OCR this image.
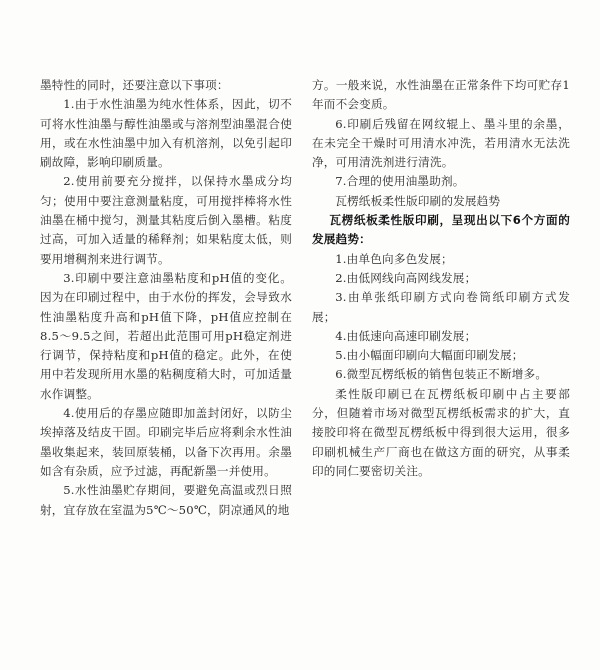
墨特性的同时，还要注意以下事项：

1.由于水性油墨为纯水性体系，因此，切不可将水性油墨与醇性油墨或与溶剂型油墨混合使用，或在水性油墨中加入有机溶剂，以免引起印刷故障，影响印刷质量。

2.使用前要充分搅拌，以保持水墨成分均匀；使用中要注意测量粘度，可用搅拌棒将水性油墨在桶中搅匀，测量其粘度后倒入墨槽。粘度过高，可加入适量的稀释剂；如果粘度太低，则要用增稠剂来进行调节。

3.印刷中要注意油墨粘度和pH值的变化。因为在印刷过程中，由于水份的挥发，会导致水性油墨粘度升高和pH值下降，pH值应控制在8.5～9.5之间，若超出此范围可用pH稳定剂进行调节，保持粘度和pH值的稳定。此外，在使用中若发现所用水墨的粘稠度稍大时，可加适量水作调整。

4.使用后的存墨应随即加盖封闭好，以防尘埃掉落及结皮干固。印刷完毕后应将剩余水性油墨收集起来，装回原装桶，以备下次再用。余墨如含有杂质，应予过滤，再配新墨一并使用。

5.水性油墨贮存期间，要避免高温或烈日照射，宜存放在室温为5℃～50℃，阴凉通风的地

方。一般来说，水性油墨在正常条件下均可贮存1年而不会变质。

6.印刷后残留在网纹辊上、墨斗里的余墨，在未完全干燥时可用清水冲洗，若用清水无法洗净，可用清洗剂进行清洗。

7.合理的使用油墨助剂。

瓦楞纸板柔性版印刷的发展趋势

瓦楞纸板柔性版印刷，呈现出以下6个方面的发展趋势：

1.由单色向多色发展；

2.由低网线向高网线发展；

3.由单张纸印刷方式向卷筒纸印刷方式发展；

4.由低速向高速印刷发展；

5.由小幅面印刷向大幅面印刷发展；

6.微型瓦楞纸板的销售包装正不断增多。

柔性版印刷已在瓦楞纸板印刷中占主要部分，但随着市场对微型瓦楞纸板需求的扩大，直接胶印将在微型瓦楞纸板中得到很大运用，很多印刷机械生产厂商也在做这方面的研究，从事柔印的同仁要密切关注。
